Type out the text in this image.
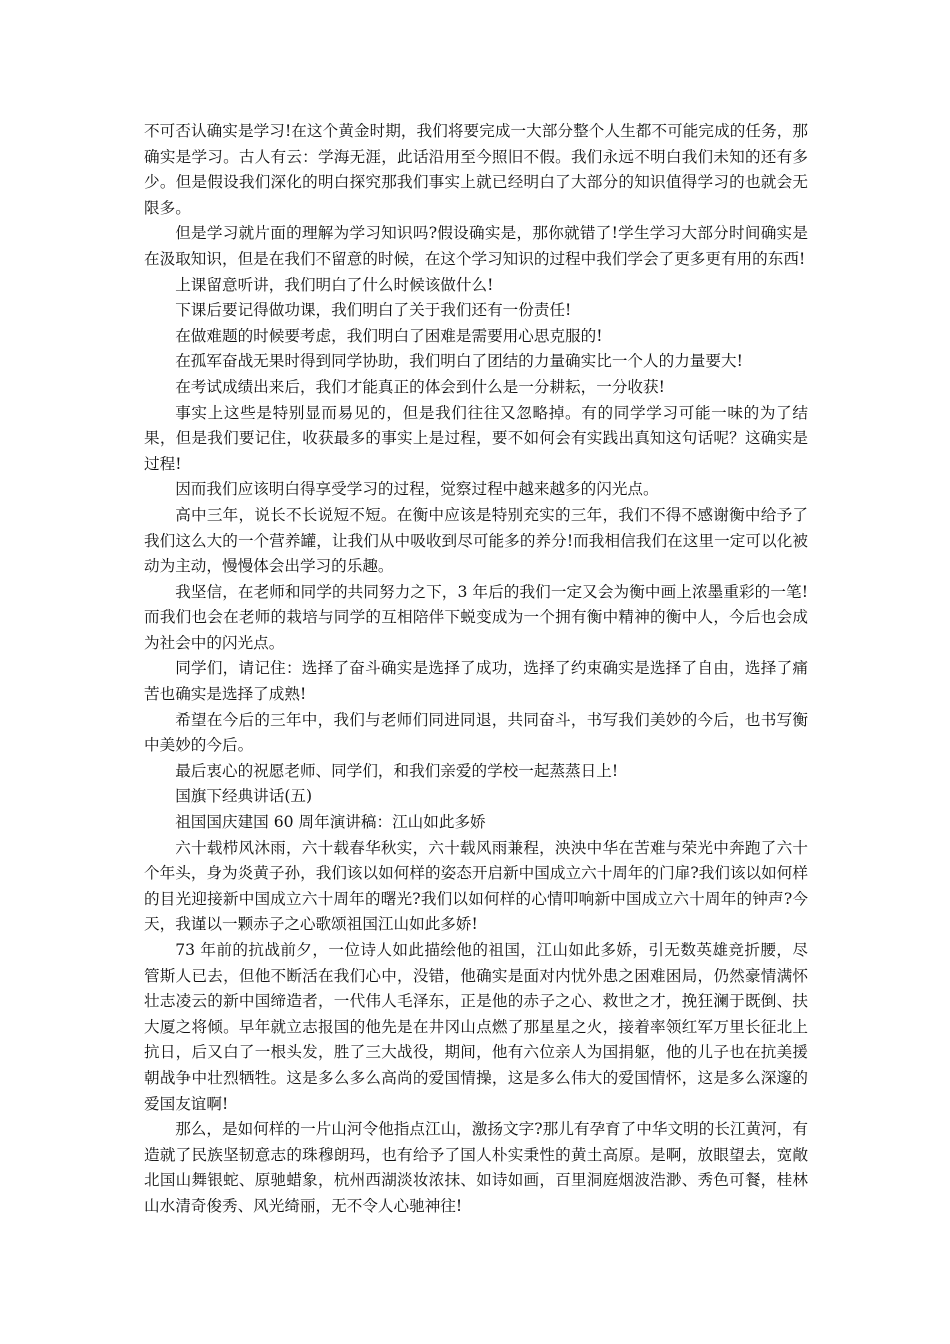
不可否认确实是学习!在这个黄金时期，我们将要完成一大部分整个人生都不可能完成的任务，那确实是学习。古人有云：学海无涯，此话沿用至今照旧不假。我们永远不明白我们未知的还有多少。但是假设我们深化的明白探究那我们事实上就已经明白了大部分的知识值得学习的也就会无限多。

但是学习就片面的理解为学习知识吗?假设确实是，那你就错了!学生学习大部分时间确实是在汲取知识，但是在我们不留意的时候，在这个学习知识的过程中我们学会了更多更有用的东西!

上课留意听讲，我们明白了什么时候该做什么!

下课后要记得做功课，我们明白了关于我们还有一份责任!

在做难题的时候要考虑，我们明白了困难是需要用心思克服的!

在孤军奋战无果时得到同学协助，我们明白了团结的力量确实比一个人的力量要大!

在考试成绩出来后，我们才能真正的体会到什么是一分耕耘，一分收获!

事实上这些是特别显而易见的，但是我们往往又忽略掉。有的同学学习可能一味的为了结果，但是我们要记住，收获最多的事实上是过程，要不如何会有实践出真知这句话呢？这确实是过程!

因而我们应该明白得享受学习的过程，觉察过程中越来越多的闪光点。

高中三年，说长不长说短不短。在衡中应该是特别充实的三年，我们不得不感谢衡中给予了我们这么大的一个营养罐，让我们从中吸收到尽可能多的养分!而我相信我们在这里一定可以化被动为主动，慢慢体会出学习的乐趣。

我坚信，在老师和同学的共同努力之下，3 年后的我们一定又会为衡中画上浓墨重彩的一笔!而我们也会在老师的栽培与同学的互相陪伴下蜕变成为一个拥有衡中精神的衡中人，今后也会成为社会中的闪光点。

同学们，请记住：选择了奋斗确实是选择了成功，选择了约束确实是选择了自由，选择了痛苦也确实是选择了成熟!

希望在今后的三年中，我们与老师们同进同退，共同奋斗，书写我们美妙的今后，也书写衡中美妙的今后。

最后衷心的祝愿老师、同学们，和我们亲爱的学校一起蒸蒸日上!

国旗下经典讲话(五)

祖国国庆建国 60 周年演讲稿：江山如此多娇

六十载栉风沐雨，六十载春华秋实，六十载风雨兼程，泱泱中华在苦难与荣光中奔跑了六十个年头，身为炎黄子孙，我们该以如何样的姿态开启新中国成立六十周年的门扉?我们该以如何样的目光迎接新中国成立六十周年的曙光?我们以如何样的心情叩响新中国成立六十周年的钟声?今天，我谨以一颗赤子之心歌颂祖国江山如此多娇!

73 年前的抗战前夕，一位诗人如此描绘他的祖国，江山如此多娇，引无数英雄竞折腰，尽管斯人已去，但他不断活在我们心中，没错，他确实是面对内忧外患之困难困局，仍然豪情满怀壮志凌云的新中国缔造者，一代伟人毛泽东，正是他的赤子之心、救世之才，挽狂澜于既倒、扶大厦之将倾。早年就立志报国的他先是在井冈山点燃了那星星之火，接着率领红军万里长征北上抗日，后又白了一根头发，胜了三大战役，期间，他有六位亲人为国捐躯，他的儿子也在抗美援朝战争中壮烈牺牲。这是多么多么高尚的爱国情操，这是多么伟大的爱国情怀，这是多么深邃的爱国友谊啊!

那么，是如何样的一片山河令他指点江山，激扬文字?那儿有孕育了中华文明的长江黄河，有造就了民族坚韧意志的珠穆朗玛，也有给予了国人朴实秉性的黄土高原。是啊，放眼望去，宽敞北国山舞银蛇、原驰蜡象，杭州西湖淡妆浓抹、如诗如画，百里洞庭烟波浩渺、秀色可餐，桂林山水清奇俊秀、风光绮丽，无不令人心驰神往!
